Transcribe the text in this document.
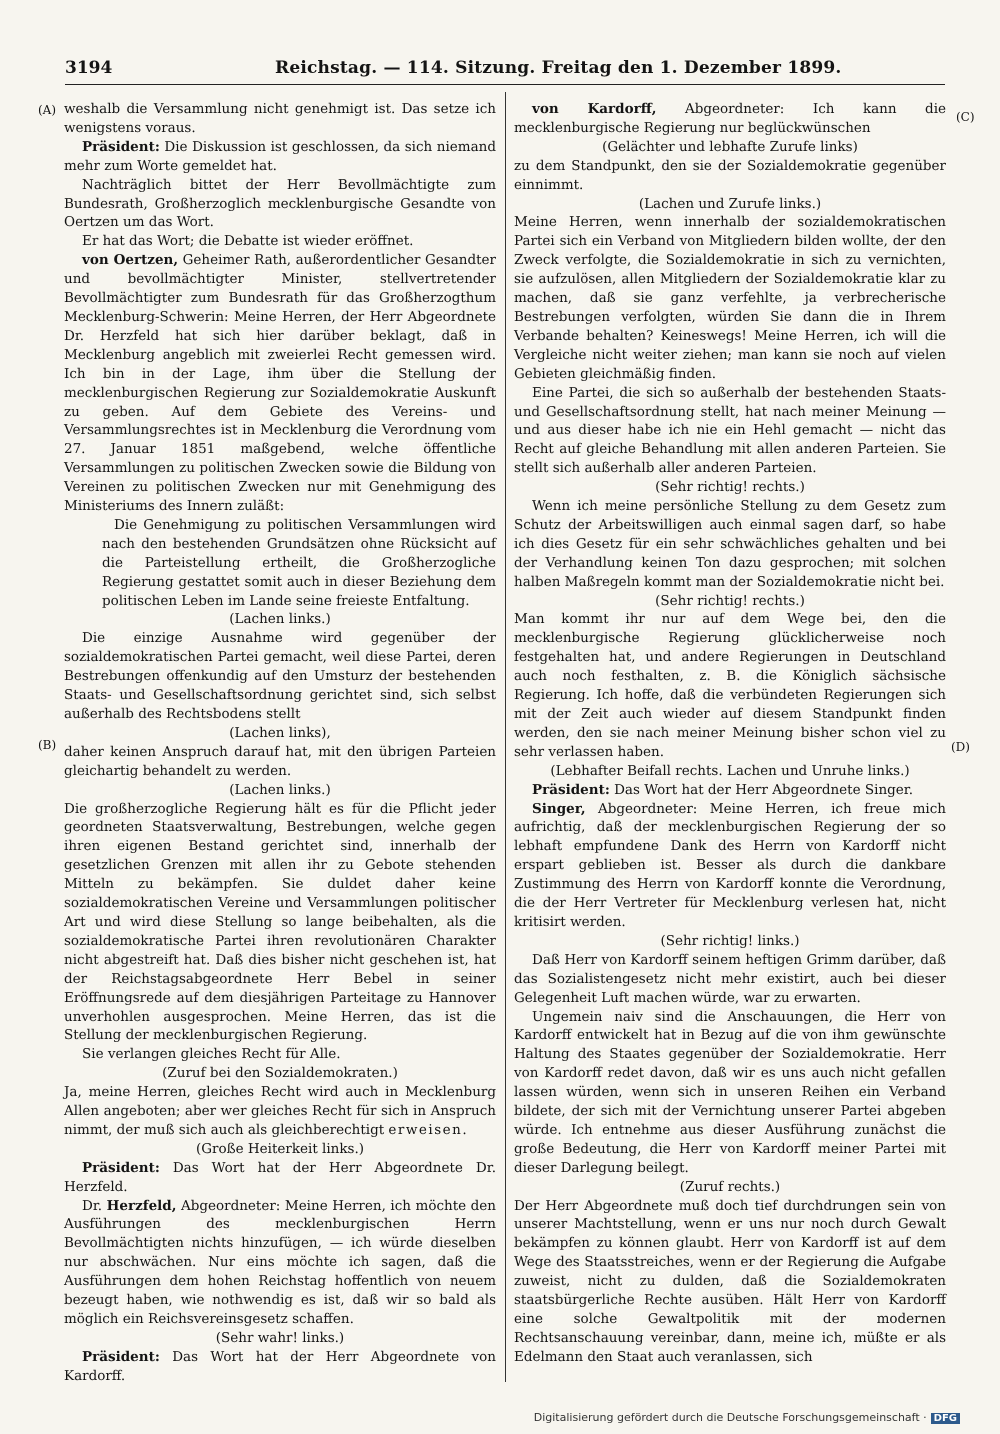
3194	Reichstag. — 114. Sitzung. Freitag den 1. Dezember 1899.
(A)
(B)
(C)
(D)

weshalb die Versammlung nicht genehmigt ist. Das setze ich wenigstens voraus.

Präsident: Die Diskussion ist geschlossen, da sich niemand mehr zum Worte gemeldet hat.

Nachträglich bittet der Herr Bevollmächtigte zum Bundesrath, Großherzoglich mecklenburgische Gesandte von Oertzen um das Wort.

Er hat das Wort; die Debatte ist wieder eröffnet.

von Oertzen, Geheimer Rath, außerordentlicher Gesandter und bevollmächtigter Minister, stellvertretender Bevollmächtigter zum Bundesrath für das Großherzogthum Mecklenburg-Schwerin: Meine Herren, der Herr Abgeordnete Dr. Herzfeld hat sich hier darüber beklagt, daß in Mecklenburg angeblich mit zweierlei Recht gemessen wird. Ich bin in der Lage, ihm über die Stellung der mecklenburgischen Regierung zur Sozialdemokratie Auskunft zu geben. Auf dem Gebiete des Vereins- und Versammlungsrechtes ist in Mecklenburg die Verordnung vom 27. Januar 1851 maßgebend, welche öffentliche Versammlungen zu politischen Zwecken sowie die Bildung von Vereinen zu politischen Zwecken nur mit Genehmigung des Ministeriums des Innern zuläßt:

Die Genehmigung zu politischen Versammlungen wird nach den bestehenden Grundsätzen ohne Rücksicht auf die Parteistellung ertheilt, die Großherzogliche Regierung gestattet somit auch in dieser Beziehung dem politischen Leben im Lande seine freieste Entfaltung.

(Lachen links.)

Die einzige Ausnahme wird gegenüber der sozialdemokratischen Partei gemacht, weil diese Partei, deren Bestrebungen offenkundig auf den Umsturz der bestehenden Staats- und Gesellschaftsordnung gerichtet sind, sich selbst außerhalb des Rechtsbodens stellt

(Lachen links),

daher keinen Anspruch darauf hat, mit den übrigen Parteien gleichartig behandelt zu werden.

(Lachen links.)

Die großherzogliche Regierung hält es für die Pflicht jeder geordneten Staatsverwaltung, Bestrebungen, welche gegen ihren eigenen Bestand gerichtet sind, innerhalb der gesetzlichen Grenzen mit allen ihr zu Gebote stehenden Mitteln zu bekämpfen. Sie duldet daher keine sozialdemokratischen Vereine und Versammlungen politischer Art und wird diese Stellung so lange beibehalten, als die sozialdemokratische Partei ihren revolutionären Charakter nicht abgestreift hat. Daß dies bisher nicht geschehen ist, hat der Reichstagsabgeordnete Herr Bebel in seiner Eröffnungsrede auf dem diesjährigen Parteitage zu Hannover unverhohlen ausgesprochen. Meine Herren, das ist die Stellung der mecklenburgischen Regierung.

Sie verlangen gleiches Recht für Alle.

(Zuruf bei den Sozialdemokraten.)

Ja, meine Herren, gleiches Recht wird auch in Mecklenburg Allen angeboten; aber wer gleiches Recht für sich in Anspruch nimmt, der muß sich auch als gleichberechtigt erweisen.

(Große Heiterkeit links.)

Präsident: Das Wort hat der Herr Abgeordnete Dr. Herzfeld.

Dr. Herzfeld, Abgeordneter: Meine Herren, ich möchte den Ausführungen des mecklenburgischen Herrn Bevollmächtigten nichts hinzufügen, — ich würde dieselben nur abschwächen. Nur eins möchte ich sagen, daß die Ausführungen dem hohen Reichstag hoffentlich von neuem bezeugt haben, wie nothwendig es ist, daß wir so bald als möglich ein Reichsvereinsgesetz schaffen.

(Sehr wahr! links.)

Präsident: Das Wort hat der Herr Abgeordnete von Kardorff.

von Kardorff, Abgeordneter: Ich kann die mecklenburgische Regierung nur beglückwünschen

(Gelächter und lebhafte Zurufe links)

zu dem Standpunkt, den sie der Sozialdemokratie gegenüber einnimmt.

(Lachen und Zurufe links.)

Meine Herren, wenn innerhalb der sozialdemokratischen Partei sich ein Verband von Mitgliedern bilden wollte, der den Zweck verfolgte, die Sozialdemokratie in sich zu vernichten, sie aufzulösen, allen Mitgliedern der Sozialdemokratie klar zu machen, daß sie ganz verfehlte, ja verbrecherische Bestrebungen verfolgten, würden Sie dann die in Ihrem Verbande behalten? Keineswegs! Meine Herren, ich will die Vergleiche nicht weiter ziehen; man kann sie noch auf vielen Gebieten gleichmäßig finden.

Eine Partei, die sich so außerhalb der bestehenden Staats- und Gesellschaftsordnung stellt, hat nach meiner Meinung — und aus dieser habe ich nie ein Hehl gemacht — nicht das Recht auf gleiche Behandlung mit allen anderen Parteien. Sie stellt sich außerhalb aller anderen Parteien.

(Sehr richtig! rechts.)

Wenn ich meine persönliche Stellung zu dem Gesetz zum Schutz der Arbeitswilligen auch einmal sagen darf, so habe ich dies Gesetz für ein sehr schwächliches gehalten und bei der Verhandlung keinen Ton dazu gesprochen; mit solchen halben Maßregeln kommt man der Sozialdemokratie nicht bei.

(Sehr richtig! rechts.)

Man kommt ihr nur auf dem Wege bei, den die mecklenburgische Regierung glücklicherweise noch festgehalten hat, und andere Regierungen in Deutschland auch noch festhalten, z. B. die Königlich sächsische Regierung. Ich hoffe, daß die verbündeten Regierungen sich mit der Zeit auch wieder auf diesem Standpunkt finden werden, den sie nach meiner Meinung bisher schon viel zu sehr verlassen haben.

(Lebhafter Beifall rechts. Lachen und Unruhe links.)

Präsident: Das Wort hat der Herr Abgeordnete Singer.

Singer, Abgeordneter: Meine Herren, ich freue mich aufrichtig, daß der mecklenburgischen Regierung der so lebhaft empfundene Dank des Herrn von Kardorff nicht erspart geblieben ist. Besser als durch die dankbare Zustimmung des Herrn von Kardorff konnte die Verordnung, die der Herr Vertreter für Mecklenburg verlesen hat, nicht kritisirt werden.

(Sehr richtig! links.)

Daß Herr von Kardorff seinem heftigen Grimm darüber, daß das Sozialistengesetz nicht mehr existirt, auch bei dieser Gelegenheit Luft machen würde, war zu erwarten.

Ungemein naiv sind die Anschauungen, die Herr von Kardorff entwickelt hat in Bezug auf die von ihm gewünschte Haltung des Staates gegenüber der Sozialdemokratie. Herr von Kardorff redet davon, daß wir es uns auch nicht gefallen lassen würden, wenn sich in unseren Reihen ein Verband bildete, der sich mit der Vernichtung unserer Partei abgeben würde. Ich entnehme aus dieser Ausführung zunächst die große Bedeutung, die Herr von Kardorff meiner Partei mit dieser Darlegung beilegt.

(Zuruf rechts.)

Der Herr Abgeordnete muß doch tief durchdrungen sein von unserer Machtstellung, wenn er uns nur noch durch Gewalt bekämpfen zu können glaubt. Herr von Kardorff ist auf dem Wege des Staatsstreiches, wenn er der Regierung die Aufgabe zuweist, nicht zu dulden, daß die Sozialdemokraten staatsbürgerliche Rechte ausüben. Hält Herr von Kardorff eine solche Gewaltpolitik mit der modernen Rechtsanschauung vereinbar, dann, meine ich, müßte er als Edelmann den Staat auch veranlassen, sich

Digitalisierung gefördert durch die Deutsche Forschungsgemeinschaft · DFG
